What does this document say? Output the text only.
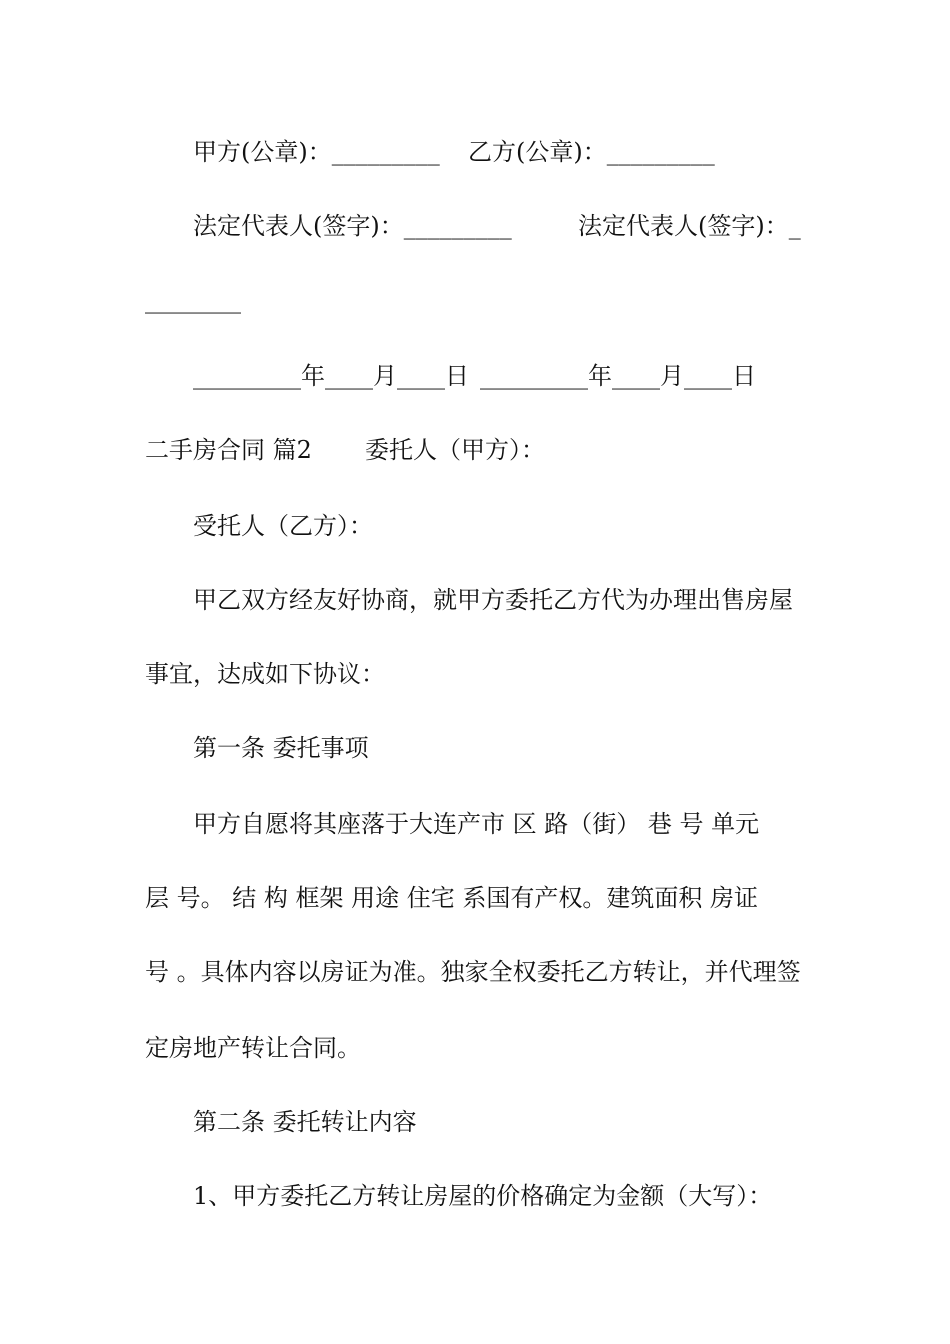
甲方(公章)：_________ 乙方(公章)：_________

法定代表人(签字)：_________	法定代表人(签字)：_

________

_________年____月____日 _________年____月____日

二手房合同 篇2 委托人（甲方）：

受托人（乙方）：

甲乙双方经友好协商，就甲方委托乙方代为办理出售房屋

事宜，达成如下协议：

第一条 委托事项

甲方自愿将其座落于大连产市 区 路（街） 巷 号 单元

层 号。 结 构 框架 用途 住宅 系国有产权。建筑面积 房证

号 。具体内容以房证为准。独家全权委托乙方转让，并代理签

定房地产转让合同。

第二条 委托转让内容

1、甲方委托乙方转让房屋的价格确定为金额（大写）：
